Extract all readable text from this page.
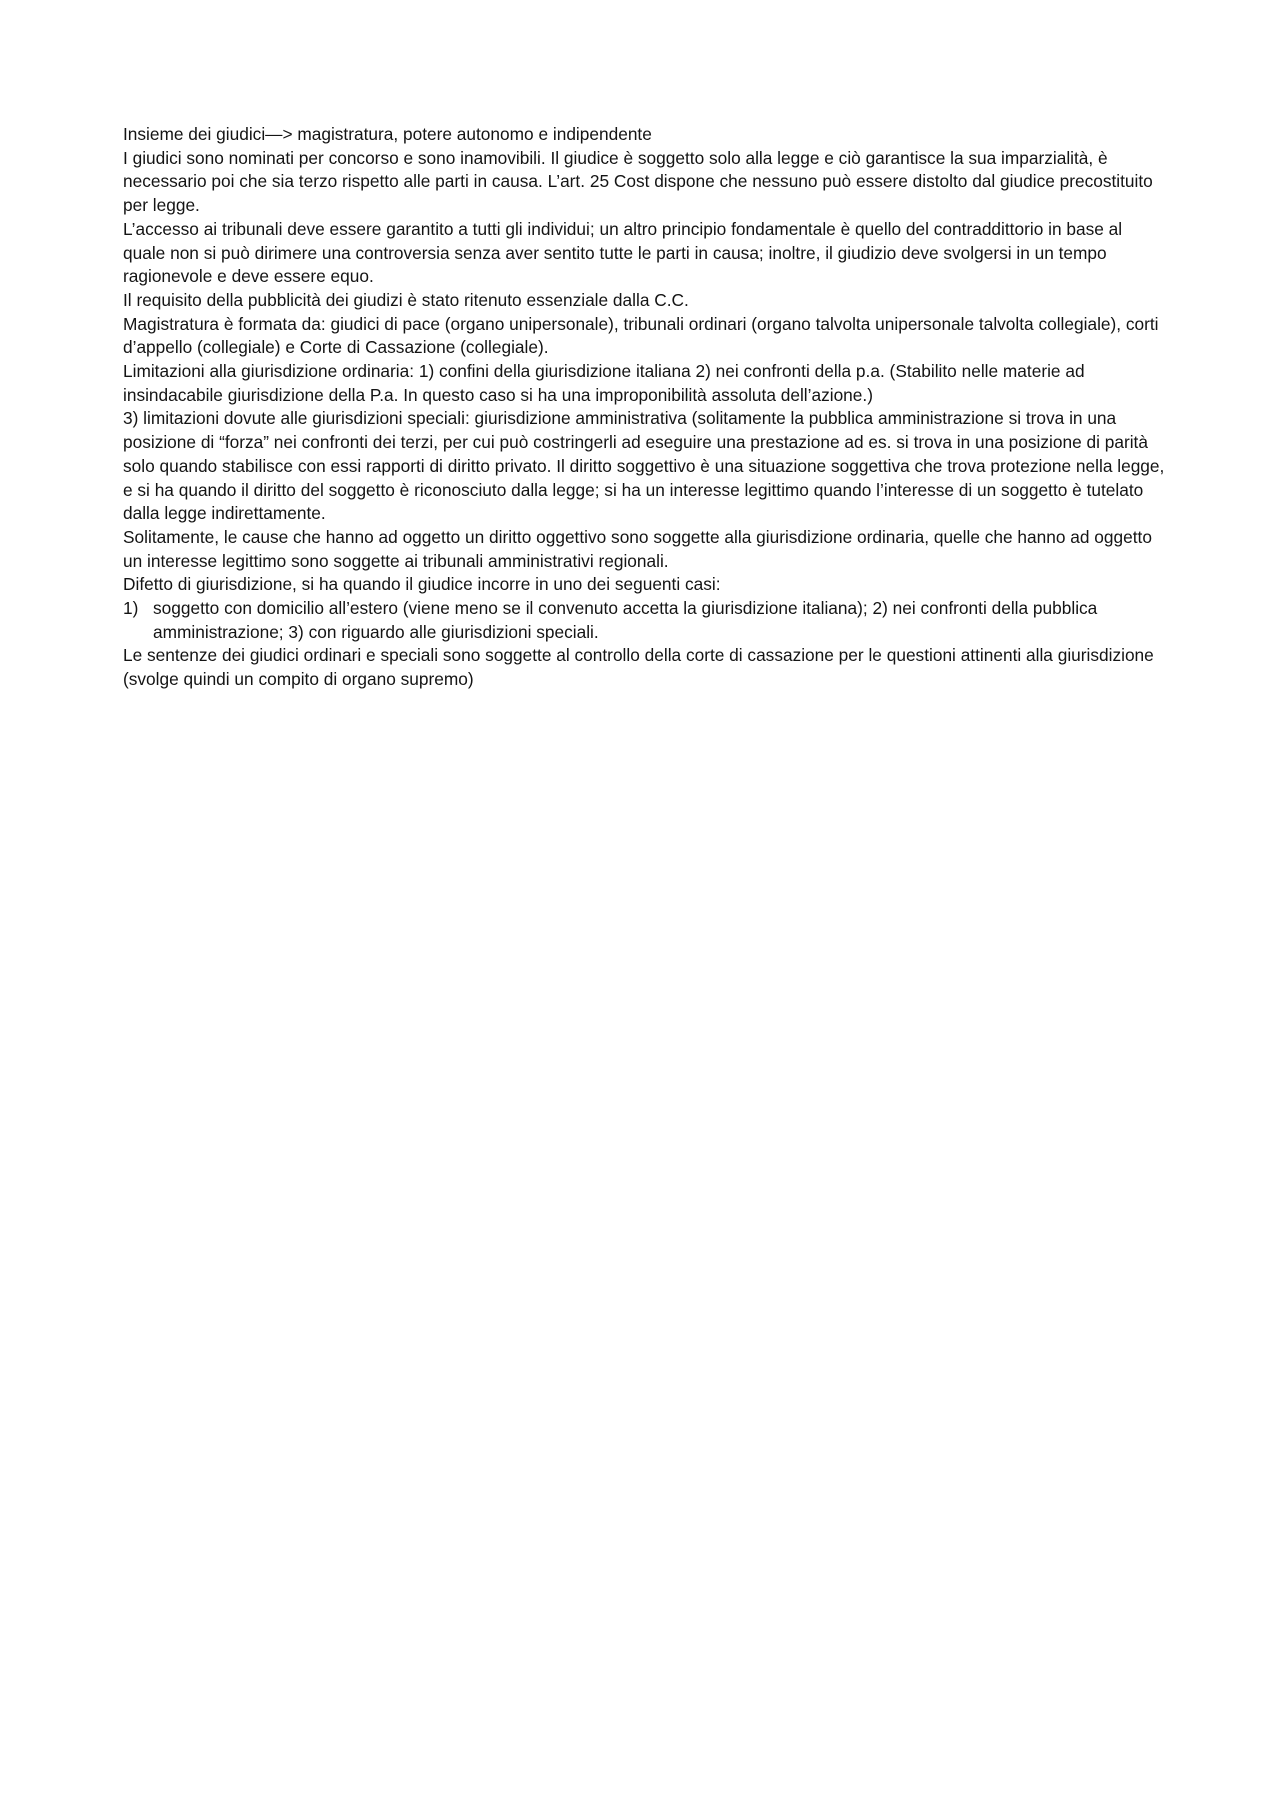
Insieme dei giudici—> magistratura, potere autonomo e indipendente

I giudici sono nominati per concorso e sono inamovibili. Il giudice è soggetto solo alla legge e ciò garantisce la sua imparzialità, è necessario poi che sia terzo rispetto alle parti in causa. L’art. 25 Cost dispone che nessuno può essere distolto dal giudice precostituito per legge.

L’accesso ai tribunali deve essere garantito a tutti gli individui; un altro principio fondamentale è quello del contraddittorio in base al quale non si può dirimere una controversia senza aver sentito tutte le parti in causa; inoltre, il giudizio deve svolgersi in un tempo ragionevole e deve essere equo.

Il requisito della pubblicità dei giudizi è stato ritenuto essenziale dalla C.C.

Magistratura è formata da: giudici di pace (organo unipersonale), tribunali ordinari (organo talvolta unipersonale talvolta collegiale), corti d’appello (collegiale) e Corte di Cassazione (collegiale).

Limitazioni alla giurisdizione ordinaria: 1) confini della giurisdizione italiana 2) nei confronti della p.a. (Stabilito nelle materie ad insindacabile giurisdizione della P.a. In questo caso si ha una improponibilità assoluta dell’azione.)

3) limitazioni dovute alle giurisdizioni speciali: giurisdizione amministrativa (solitamente la pubblica amministrazione si trova in una posizione di “forza” nei confronti dei terzi, per cui può costringerli ad eseguire una prestazione ad es. si trova in una posizione di parità solo quando stabilisce con essi rapporti di diritto privato. Il diritto soggettivo è una situazione soggettiva che trova protezione nella legge, e si ha quando il diritto del soggetto è riconosciuto dalla legge; si ha un interesse legittimo quando l’interesse di un soggetto è tutelato dalla legge indirettamente.

Solitamente, le cause che hanno ad oggetto un diritto oggettivo sono soggette alla giurisdizione ordinaria, quelle che hanno ad oggetto un interesse legittimo sono soggette ai tribunali amministrativi regionali.

Difetto di giurisdizione, si ha quando il giudice incorre in uno dei seguenti casi:

1) soggetto con domicilio all’estero (viene meno se il convenuto accetta la giurisdizione italiana); 2) nei confronti della pubblica amministrazione; 3) con riguardo alle giurisdizioni speciali.

Le sentenze dei giudici ordinari e speciali sono soggette al controllo della corte di cassazione per le questioni attinenti alla giurisdizione (svolge quindi un compito di organo supremo)
